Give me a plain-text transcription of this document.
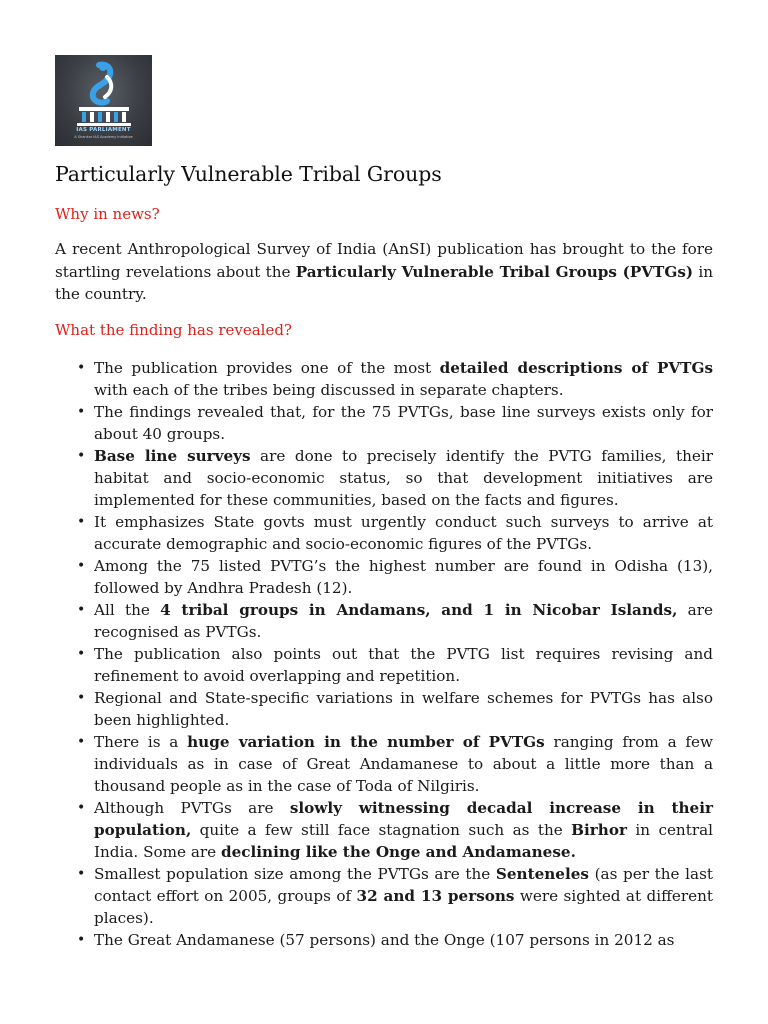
IAS PARLIAMENT
A Shankar IAS Academy Initiative
Particularly Vulnerable Tribal Groups

Why in news?

A recent Anthropological Survey of India (AnSI) publication has brought to the fore startling revelations about the Particularly Vulnerable Tribal Groups (PVTGs) in the country.

What the finding has revealed?

• The publication provides one of the most detailed descriptions of PVTGs with each of the tribes being discussed in separate chapters.
• The findings revealed that, for the 75 PVTGs, base line surveys exists only for about 40 groups.
• Base line surveys are done to precisely identify the PVTG families, their habitat and socio-economic status, so that development initiatives are implemented for these communities, based on the facts and figures.
• It emphasizes State govts must urgently conduct such surveys to arrive at accurate demographic and socio-economic figures of the PVTGs.
• Among the 75 listed PVTG’s the highest number are found in Odisha (13), followed by Andhra Pradesh (12).
• All the 4 tribal groups in Andamans, and 1 in Nicobar Islands, are recognised as PVTGs.
• The publication also points out that the PVTG list requires revising and refinement to avoid overlapping and repetition.
• Regional and State-specific variations in welfare schemes for PVTGs has also been highlighted.
• There is a huge variation in the number of PVTGs ranging from a few individuals as in case of Great Andamanese to about a little more than a thousand people as in the case of Toda of Nilgiris.
• Although PVTGs are slowly witnessing decadal increase in their population, quite a few still face stagnation such as the Birhor in central India. Some are declining like the Onge and Andamanese.
• Smallest population size among the PVTGs are the Senteneles (as per the last contact effort on 2005, groups of 32 and 13 persons were sighted at different places).
• The Great Andamanese (57 persons) and the Onge (107 persons in 2012 as
